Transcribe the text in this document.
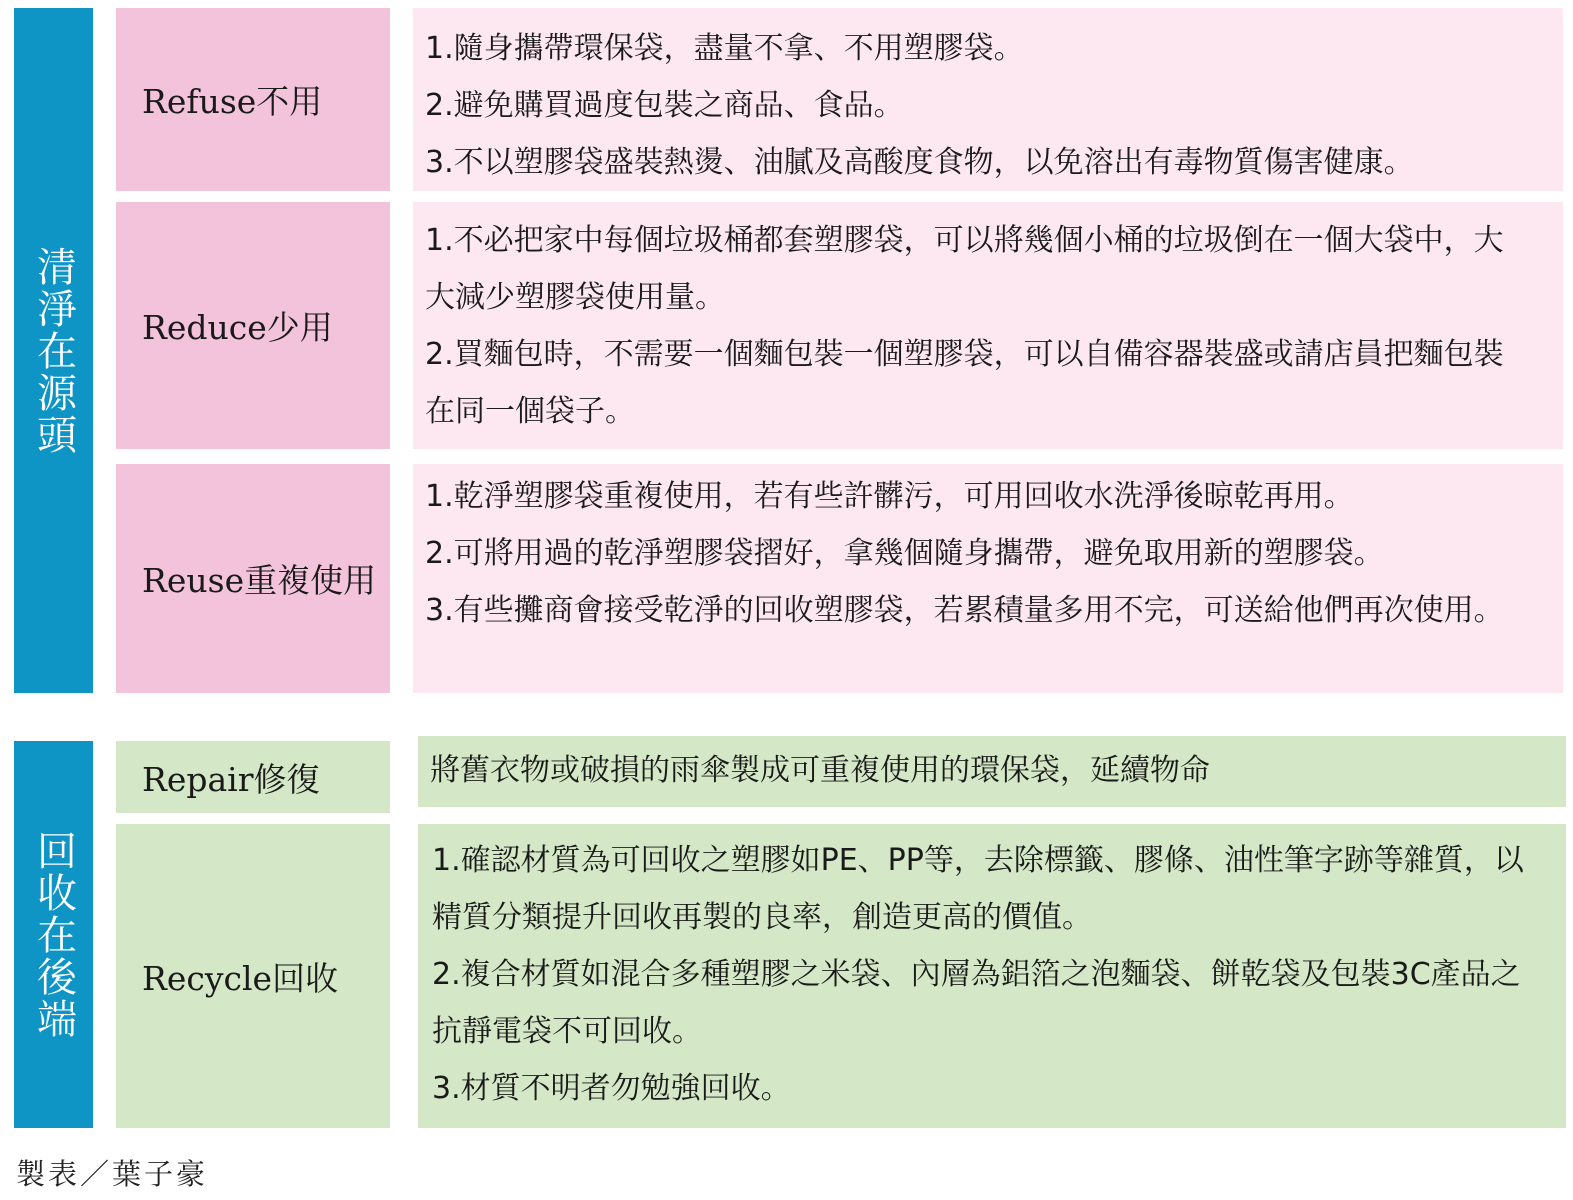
清淨在源頭
Refuse不用

1.隨身攜帶環保袋，盡量不拿、不用塑膠袋。

2.避免購買過度包裝之商品、食品。

3.不以塑膠袋盛裝熱燙、油膩及高酸度食物，以免溶出有毒物質傷害健康。

Reduce少用

1.不必把家中每個垃圾桶都套塑膠袋，可以將幾個小桶的垃圾倒在一個大袋中，大大減少塑膠袋使用量。

2.買麵包時，不需要一個麵包裝一個塑膠袋，可以自備容器裝盛或請店員把麵包裝在同一個袋子。

Reuse重複使用

1.乾淨塑膠袋重複使用，若有些許髒污，可用回收水洗淨後晾乾再用。

2.可將用過的乾淨塑膠袋摺好，拿幾個隨身攜帶，避免取用新的塑膠袋。

3.有些攤商會接受乾淨的回收塑膠袋，若累積量多用不完，可送給他們再次使用。

回收在後端
Repair修復	將舊衣物或破損的雨傘製成可重複使用的環保袋，延續物命

Recycle回收

1.確認材質為可回收之塑膠如PE、PP等，去除標籤、膠條、油性筆字跡等雜質，以精質分類提升回收再製的良率，創造更高的價值。

2.複合材質如混合多種塑膠之米袋、內層為鋁箔之泡麵袋、餅乾袋及包裝3C產品之抗靜電袋不可回收。

3.材質不明者勿勉強回收。

製表／葉子豪
